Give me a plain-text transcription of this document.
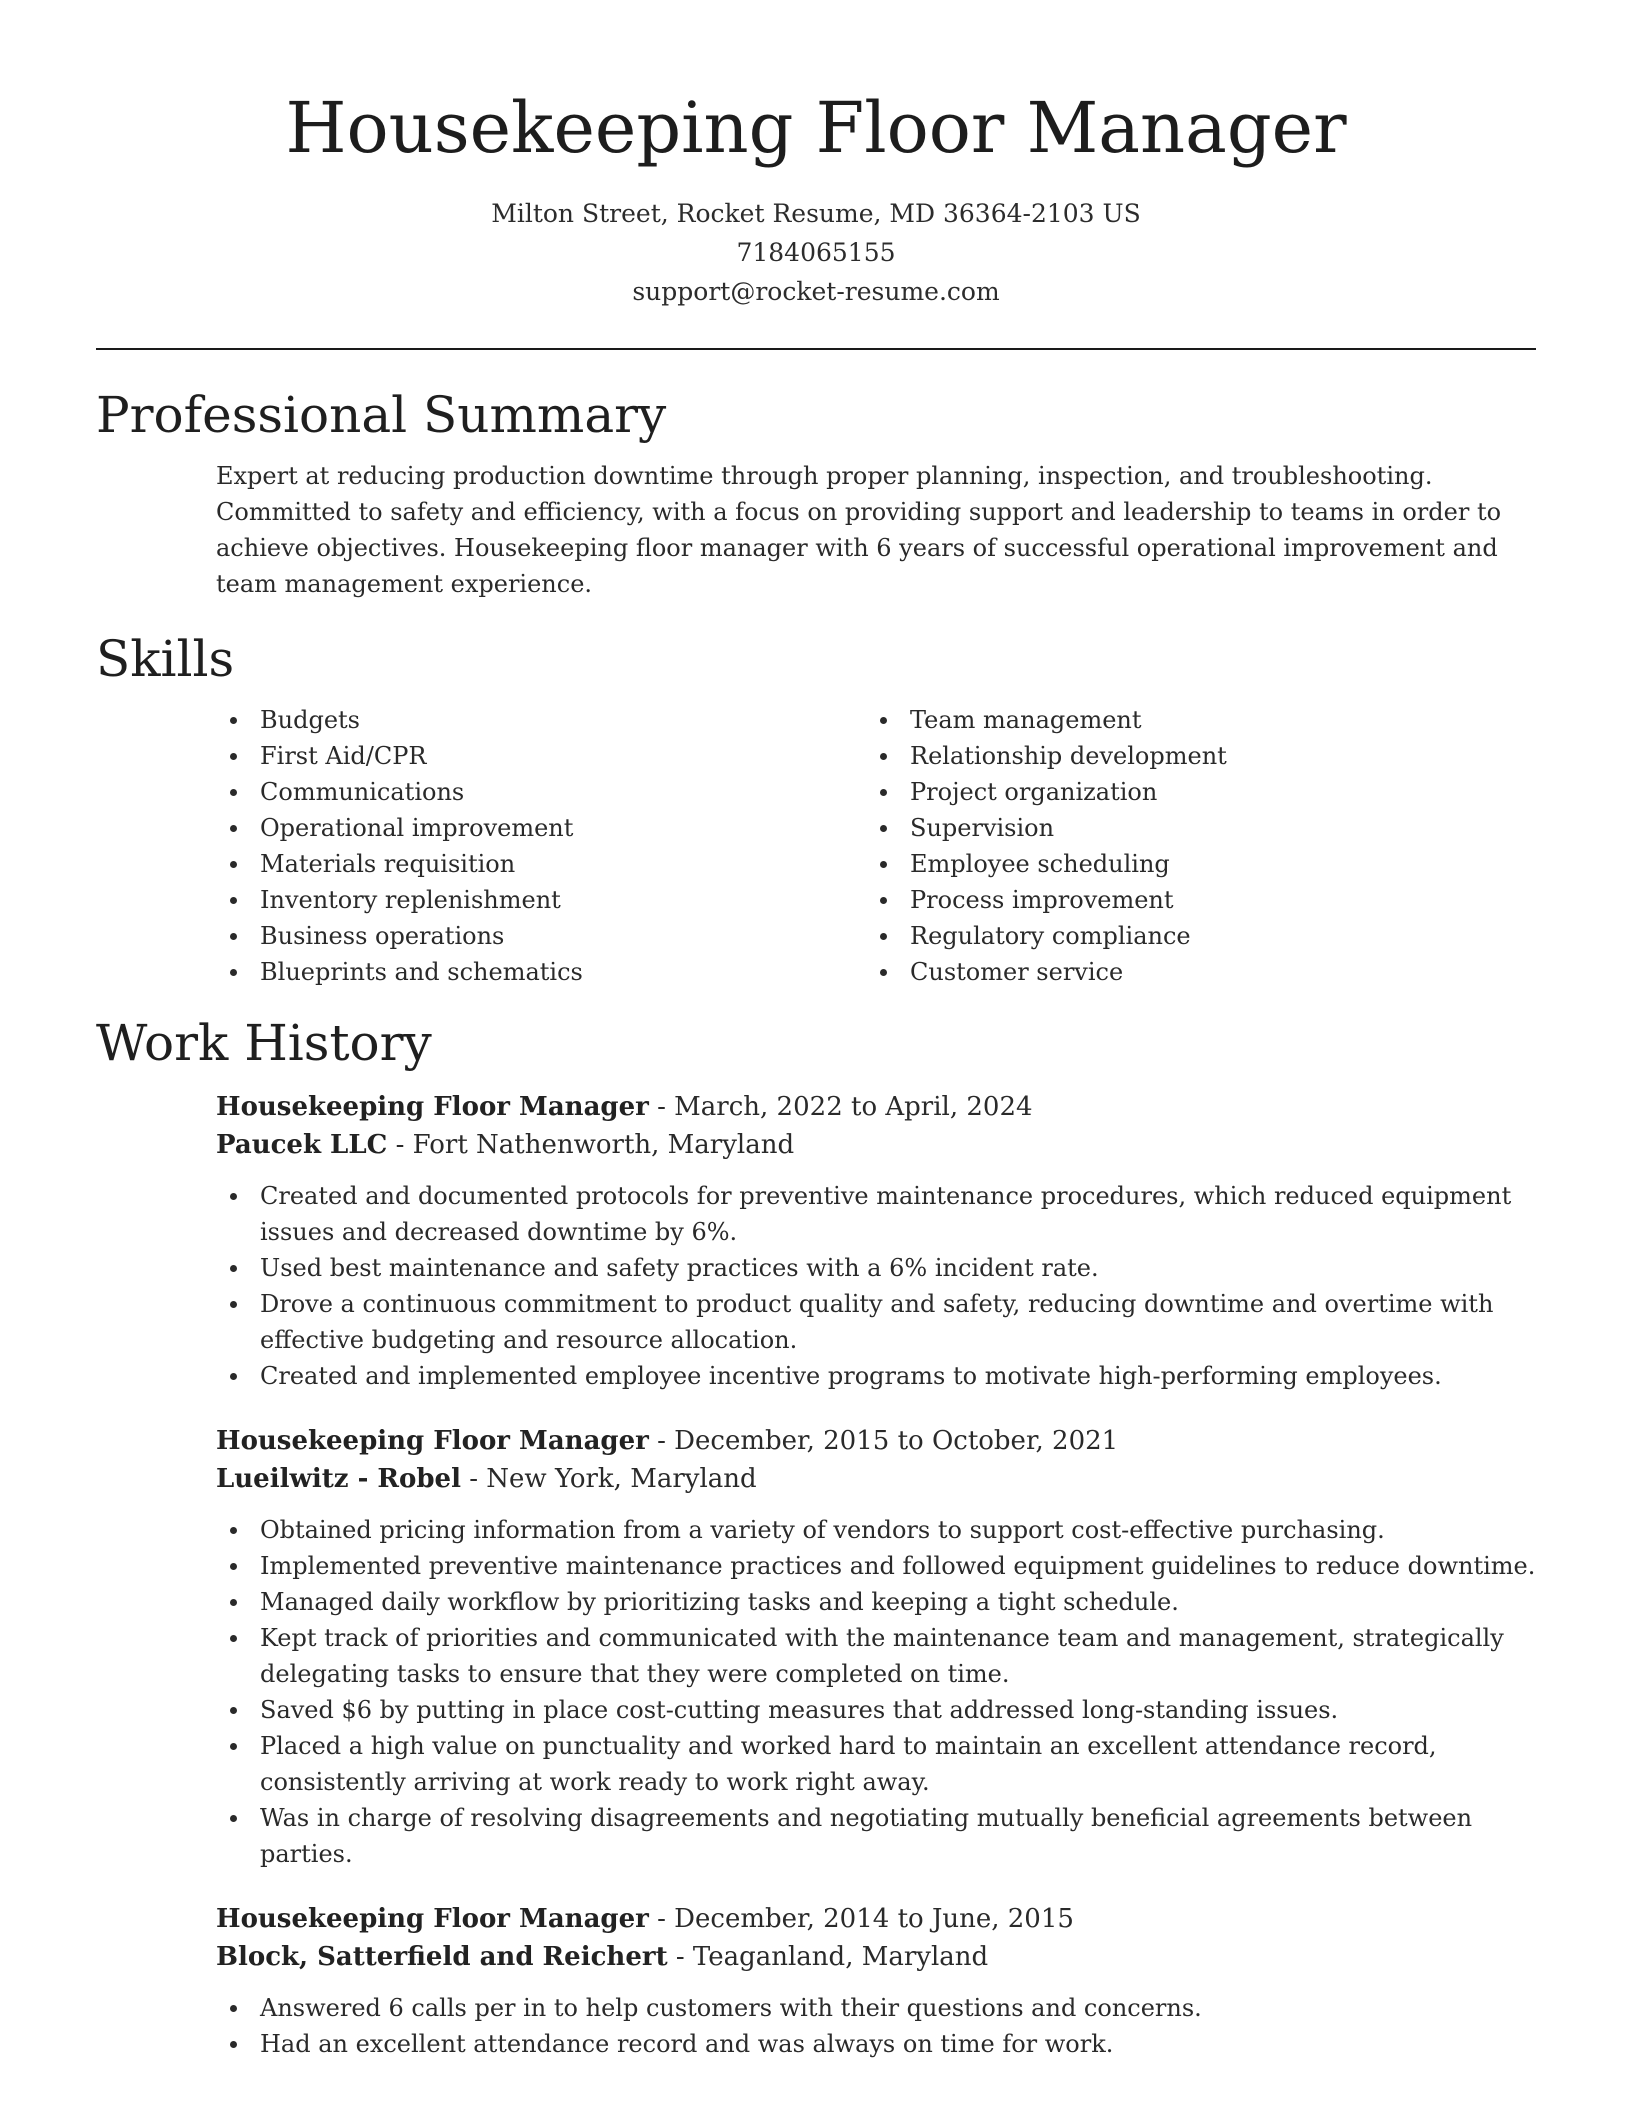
Housekeeping Floor Manager
Milton Street, Rocket Resume, MD 36364-2103 US
7184065155
support@rocket-resume.com
Professional Summary

Expert at reducing production downtime through proper planning, inspection, and troubleshooting. Committed to safety and efficiency, with a focus on providing support and leadership to teams in order to achieve objectives. Housekeeping floor manager with 6 years of successful operational improvement and team management experience.

Skills
Budgets
First Aid/CPR
Communications
Operational improvement
Materials requisition
Inventory replenishment
Business operations
Blueprints and schematics
Team management
Relationship development
Project organization
Supervision
Employee scheduling
Process improvement
Regulatory compliance
Customer service
Work History
Housekeeping Floor Manager - March, 2022 to April, 2024
Paucek LLC - Fort Nathenworth, Maryland
Created and documented protocols for preventive maintenance procedures, which reduced equipment issues and decreased downtime by 6%.
Used best maintenance and safety practices with a 6% incident rate.
Drove a continuous commitment to product quality and safety, reducing downtime and overtime with effective budgeting and resource allocation.
Created and implemented employee incentive programs to motivate high-performing employees.
Housekeeping Floor Manager - December, 2015 to October, 2021
Lueilwitz - Robel - New York, Maryland
Obtained pricing information from a variety of vendors to support cost-effective purchasing.
Implemented preventive maintenance practices and followed equipment guidelines to reduce downtime.
Managed daily workflow by prioritizing tasks and keeping a tight schedule.
Kept track of priorities and communicated with the maintenance team and management, strategically delegating tasks to ensure that they were completed on time.
Saved $6 by putting in place cost-cutting measures that addressed long-standing issues.
Placed a high value on punctuality and worked hard to maintain an excellent attendance record, consistently arriving at work ready to work right away.
Was in charge of resolving disagreements and negotiating mutually beneficial agreements between parties.
Housekeeping Floor Manager - December, 2014 to June, 2015
Block, Satterfield and Reichert - Teaganland, Maryland
Answered 6 calls per in to help customers with their questions and concerns.
Had an excellent attendance record and was always on time for work.
